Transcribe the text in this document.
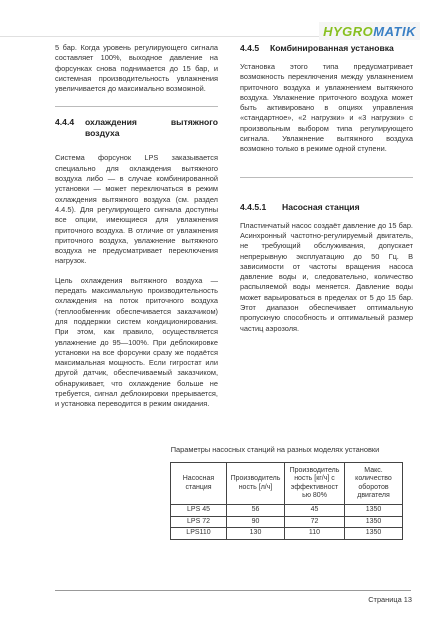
HYGRO MATIK

5 бар. Когда уровень регулирующего сигнала составляет 100%, выходное давление на форсунках снова поднимается до 15 бар, и системная производительность увлажнения увеличивается до максимально возможной.

4.4.4	охлаждения вытяжного воздуха

Система форсунок LPS заказывается специально для охлаждения вытяжного воздуха либо — в случае комбинированной установки — может переключаться в режим охлаждения вытяжного воздуха (см. раздел 4.4.5). Для регулирующего сигнала доступны все опции, имеющиеся для увлажнения приточного воздуха. В отличие от увлажнения приточного воздуха, увлажнение вытяжного воздуха не предусматривает переключения нагрузок.

Цель охлаждения вытяжного воздуха — передать максимальную производительность охлаждения на поток приточного воздуха (теплообменник обеспечивается заказчиком) для поддержки систем кондиционирования. При этом, как правило, осуществляется увлажнение до 95—100%. При деблокировке установки на все форсунки сразу же подаётся максимальная мощность. Если гигростат или другой датчик, обеспечиваемый заказчиком, обнаруживает, что охлаждение больше не требуется, сигнал деблокировки прерывается, и установка переводится в режим ожидания.

4.4.5	Комбинированная установка

Установка этого типа предусматривает возможность переключения между увлажнением приточного воздуха и увлажнением вытяжного воздуха. Увлажнение приточного воздуха может быть активировано в опциях управления «стандартное», «2 нагрузки» и «3 нагрузки» с произвольным выбором типа регулирующего сигнала. Увлажнение вытяжного воздуха возможно только в режиме одной ступени.

4.4.5.1	Насосная станция

Пластинчатый насос создаёт давление до 15 бар. Асинхронный частотно-регулируемый двигатель, не требующий обслуживания, допускает непрерывную эксплуатацию до 50 Гц. В зависимости от частоты вращения насоса давление воды и, следовательно, количество распыляемой воды меняется. Давление воды может варьироваться в пределах от 5 до 15 бар. Этот диапазон обеспечивает оптимальную пропускную способность и оптимальный размер частиц аэрозоля.

Параметры насосных станций на разных моделях установки
Насосная станция	Производитель ность [л/ч]	Производитель ность [кг/ч] с эффективност ью 80%	Макс. количество оборотов двигателя
LPS 45	56	45	1350
LPS 72	90	72	1350
LPS110	130	110	1350
Страница 13
